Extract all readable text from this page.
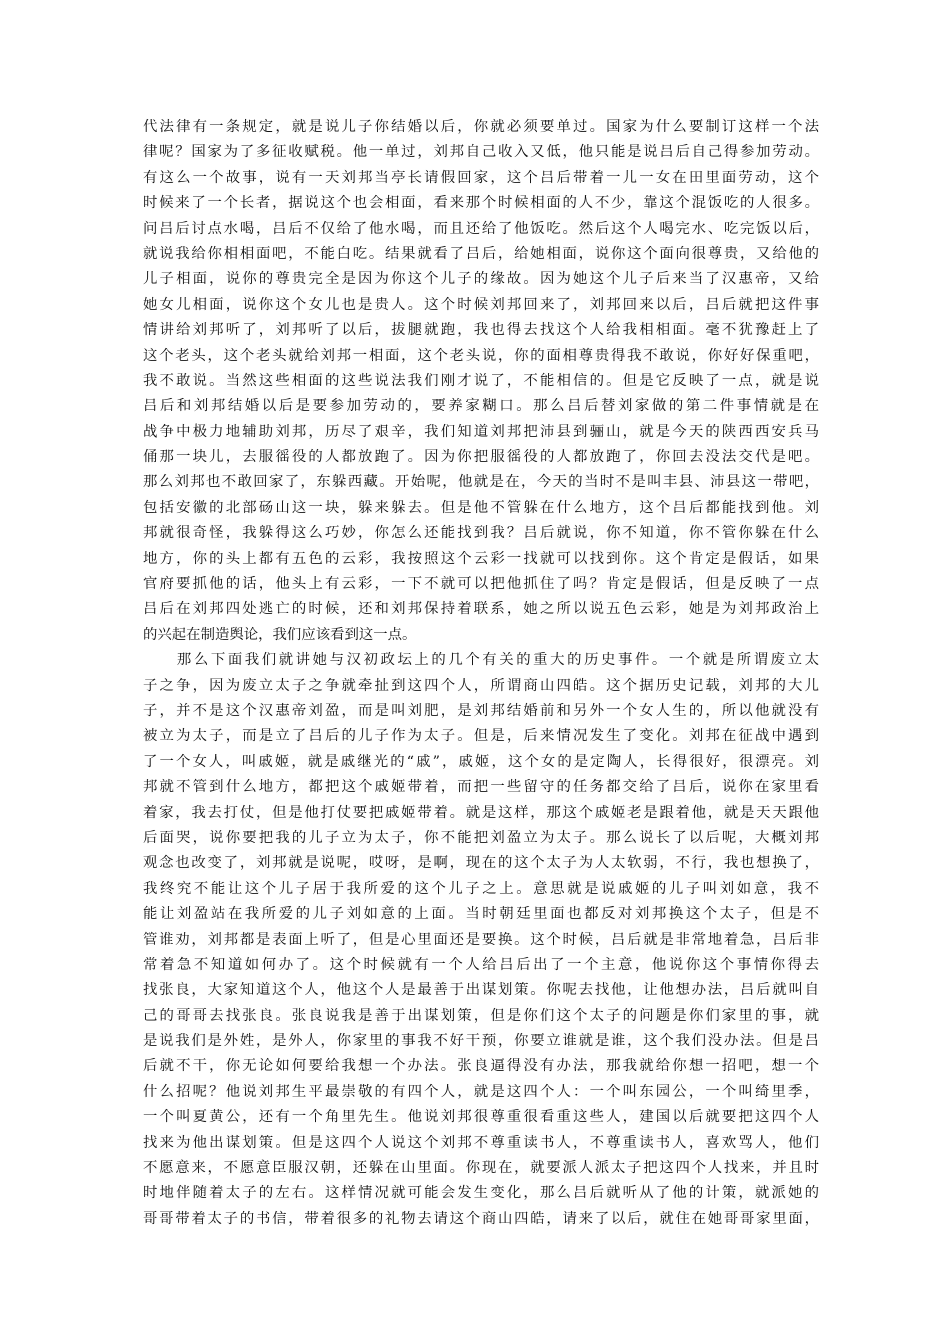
代法律有一条规定，就是说儿子你结婚以后，你就必须要单过。国家为什么要制订这样一个法
律呢？国家为了多征收赋税。他一单过，刘邦自己收入又低，他只能是说吕后自己得参加劳动。
有这么一个故事，说有一天刘邦当亭长请假回家，这个吕后带着一儿一女在田里面劳动，这个
时候来了一个长者，据说这个也会相面，看来那个时候相面的人不少，靠这个混饭吃的人很多。
问吕后讨点水喝，吕后不仅给了他水喝，而且还给了他饭吃。然后这个人喝完水、吃完饭以后，
就说我给你相相面吧，不能白吃。结果就看了吕后，给她相面，说你这个面向很尊贵，又给他的
儿子相面，说你的尊贵完全是因为你这个儿子的缘故。因为她这个儿子后来当了汉惠帝，又给
她女儿相面，说你这个女儿也是贵人。这个时候刘邦回来了，刘邦回来以后，吕后就把这件事
情讲给刘邦听了，刘邦听了以后，拔腿就跑，我也得去找这个人给我相相面。毫不犹豫赶上了
这个老头，这个老头就给刘邦一相面，这个老头说，你的面相尊贵得我不敢说，你好好保重吧，
我不敢说。当然这些相面的这些说法我们刚才说了，不能相信的。但是它反映了一点，就是说
吕后和刘邦结婚以后是要参加劳动的，要养家糊口。那么吕后替刘家做的第二件事情就是在
战争中极力地辅助刘邦，历尽了艰辛，我们知道刘邦把沛县到骊山，就是今天的陕西西安兵马
俑那一块儿，去服徭役的人都放跑了。因为你把服徭役的人都放跑了，你回去没法交代是吧。
那么刘邦也不敢回家了，东躲西藏。开始呢，他就是在，今天的当时不是叫丰县、沛县这一带吧，
包括安徽的北部砀山这一块，躲来躲去。但是他不管躲在什么地方，这个吕后都能找到他。刘
邦就很奇怪，我躲得这么巧妙，你怎么还能找到我？吕后就说，你不知道，你不管你躲在什么
地方，你的头上都有五色的云彩，我按照这个云彩一找就可以找到你。这个肯定是假话，如果
官府要抓他的话，他头上有云彩，一下不就可以把他抓住了吗？肯定是假话，但是反映了一点
吕后在刘邦四处逃亡的时候，还和刘邦保持着联系，她之所以说五色云彩，她是为刘邦政治上
的兴起在制造舆论，我们应该看到这一点。
　　那么下面我们就讲她与汉初政坛上的几个有关的重大的历史事件。一个就是所谓废立太
子之争，因为废立太子之争就牵扯到这四个人，所谓商山四皓。这个据历史记载，刘邦的大儿
子，并不是这个汉惠帝刘盈，而是叫刘肥，是刘邦结婚前和另外一个女人生的，所以他就没有
被立为太子，而是立了吕后的儿子作为太子。但是，后来情况发生了变化。刘邦在征战中遇到
了一个女人，叫戚姬，就是戚继光的“戚”，戚姬，这个女的是定陶人，长得很好，很漂亮。刘
邦就不管到什么地方，都把这个戚姬带着，而把一些留守的任务都交给了吕后，说你在家里看
着家，我去打仗，但是他打仗要把戚姬带着。就是这样，那这个戚姬老是跟着他，就是天天跟他
后面哭，说你要把我的儿子立为太子，你不能把刘盈立为太子。那么说长了以后呢，大概刘邦
观念也改变了，刘邦就是说呢，哎呀，是啊，现在的这个太子为人太软弱，不行，我也想换了，
我终究不能让这个儿子居于我所爱的这个儿子之上。意思就是说戚姬的儿子叫刘如意，我不
能让刘盈站在我所爱的儿子刘如意的上面。当时朝廷里面也都反对刘邦换这个太子，但是不
管谁劝，刘邦都是表面上听了，但是心里面还是要换。这个时候，吕后就是非常地着急，吕后非
常着急不知道如何办了。这个时候就有一个人给吕后出了一个主意，他说你这个事情你得去
找张良，大家知道这个人，他这个人是最善于出谋划策。你呢去找他，让他想办法，吕后就叫自
己的哥哥去找张良。张良说我是善于出谋划策，但是你们这个太子的问题是你们家里的事，就
是说我们是外姓，是外人，你家里的事我不好干预，你要立谁就是谁，这个我们没办法。但是吕
后就不干，你无论如何要给我想一个办法。张良逼得没有办法，那我就给你想一招吧，想一个
什么招呢？他说刘邦生平最崇敬的有四个人，就是这四个人：一个叫东园公，一个叫绮里季，
一个叫夏黄公，还有一个角里先生。他说刘邦很尊重很看重这些人，建国以后就要把这四个人
找来为他出谋划策。但是这四个人说这个刘邦不尊重读书人，不尊重读书人，喜欢骂人，他们
不愿意来，不愿意臣服汉朝，还躲在山里面。你现在，就要派人派太子把这四个人找来，并且时
时地伴随着太子的左右。这样情况就可能会发生变化，那么吕后就听从了他的计策，就派她的
哥哥带着太子的书信，带着很多的礼物去请这个商山四皓，请来了以后，就住在她哥哥家里面，
